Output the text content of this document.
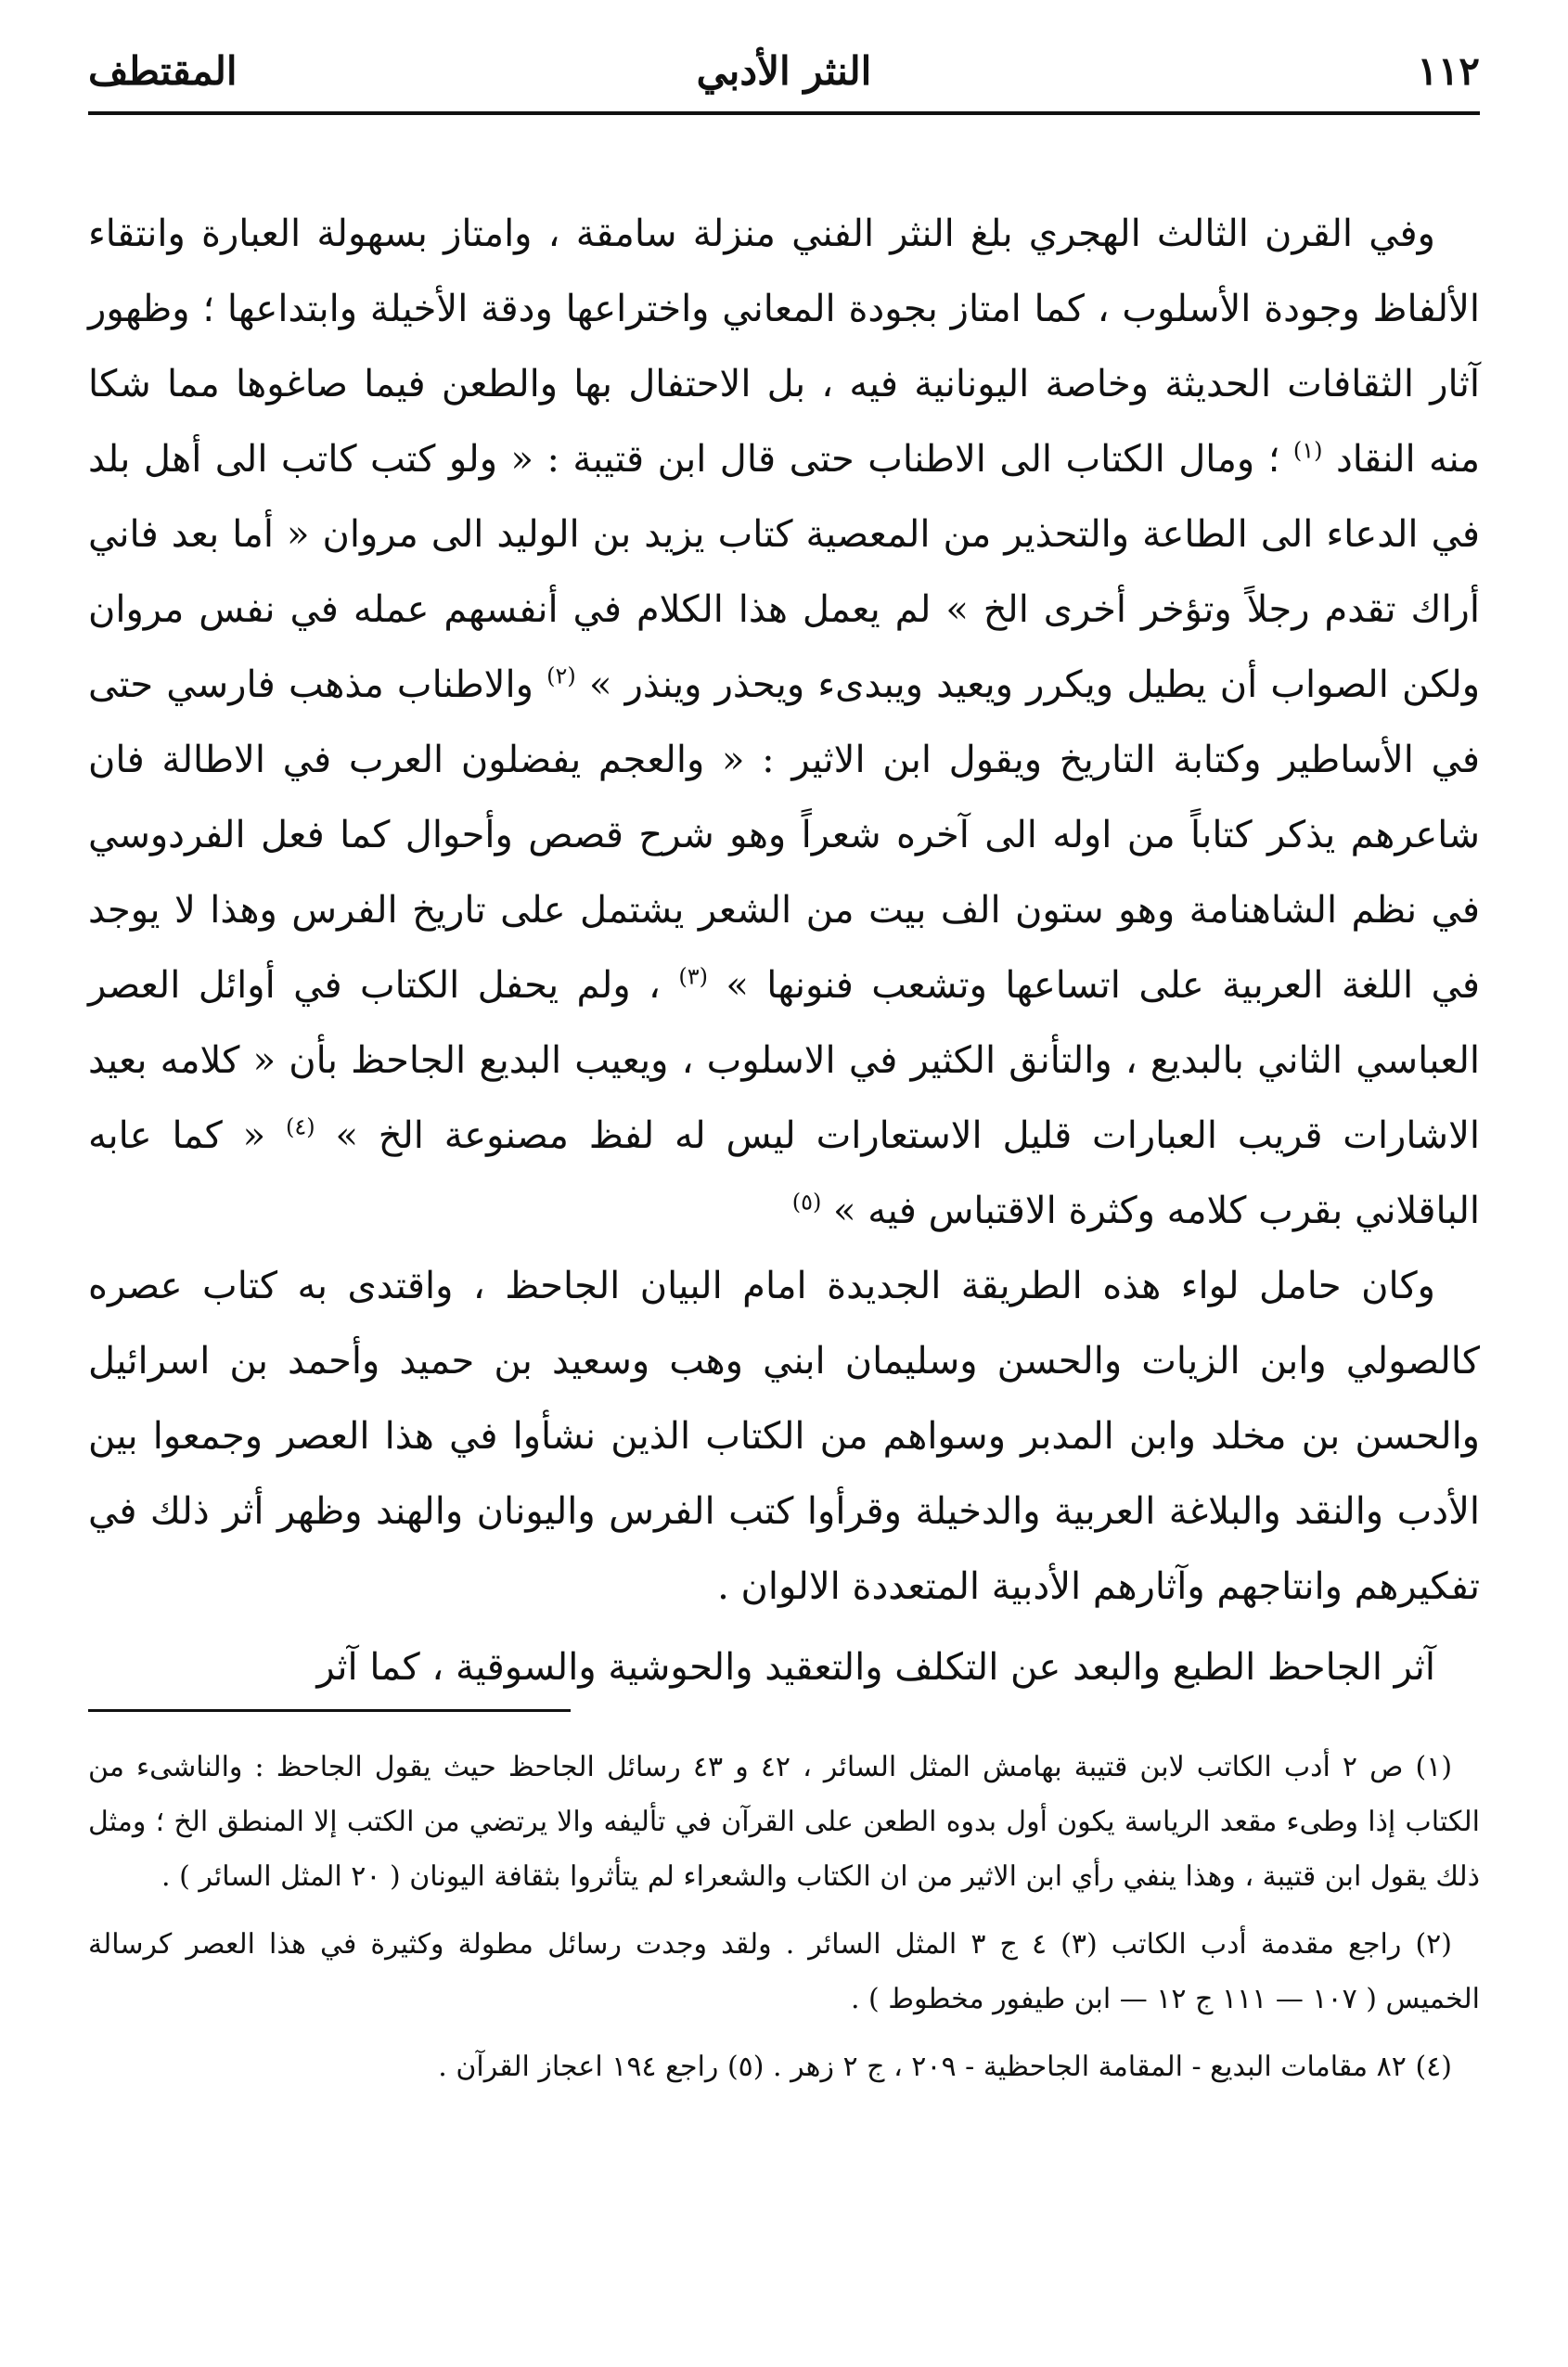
١١٢
النثر الأدبي
المقتطف

وفي القرن الثالث الهجري بلغ النثر الفني منزلة سامقة ، وامتاز بسهولة العبارة وانتقاء الألفاظ وجودة الأسلوب ، كما امتاز بجودة المعاني واختراعها ودقة الأخيلة وابتداعها ؛ وظهور آثار الثقافات الحديثة وخاصة اليونانية فيه ، بل الاحتفال بها والطعن فيما صاغوها مما شكا منه النقاد $^{(١)}$ ؛ ومال الكتاب الى الاطناب حتى قال ابن قتيبة : « ولو كتب كاتب الى أهل بلد في الدعاء الى الطاعة والتحذير من المعصية كتاب يزيد بن الوليد الى مروان « أما بعد فاني أراك تقدم رجلاً وتؤخر أخرى الخ » لم يعمل هذا الكلام في أنفسهم عمله في نفس مروان ولكن الصواب أن يطيل ويكرر ويعيد ويبدىء ويحذر وينذر » $^{(٢)}$ والاطناب مذهب فارسي حتى في الأساطير وكتابة التاريخ ويقول ابن الاثير : « والعجم يفضلون العرب في الاطالة فان شاعرهم يذكر كتاباً من اوله الى آخره شعراً وهو شرح قصص وأحوال كما فعل الفردوسي في نظم الشاهنامة وهو ستون الف بيت من الشعر يشتمل على تاريخ الفرس وهذا لا يوجد في اللغة العربية على اتساعها وتشعب فنونها » $^{(٣)}$ ، ولم يحفل الكتاب في أوائل العصر العباسي الثاني بالبديع ، والتأنق الكثير في الاسلوب ، ويعيب البديع الجاحظ بأن « كلامه بعيد الاشارات قريب العبارات قليل الاستعارات ليس له لفظ مصنوعة الخ » $^{(٤)}$ « كما عابه الباقلاني بقرب كلامه وكثرة الاقتباس فيه » $^{(٥)}$

وكان حامل لواء هذه الطريقة الجديدة امام البيان الجاحظ ، واقتدى به كتاب عصره كالصولي وابن الزيات والحسن وسليمان ابني وهب وسعيد بن حميد وأحمد بن اسرائيل والحسن بن مخلد وابن المدبر وسواهم من الكتاب الذين نشأوا في هذا العصر وجمعوا بين الأدب والنقد والبلاغة العربية والدخيلة وقرأوا كتب الفرس واليونان والهند وظهر أثر ذلك في تفكيرهم وانتاجهم وآثارهم الأدبية المتعددة الالوان .

آثر الجاحظ الطبع والبعد عن التكلف والتعقيد والحوشية والسوقية ، كما آثر

(١) ص ٢ أدب الكاتب لابن قتيبة بهامش المثل السائر ، ٤٢ و ٤٣ رسائل الجاحظ حيث يقول الجاحظ : والناشىء من الكتاب إذا وطىء مقعد الرياسة يكون أول بدوه الطعن على القرآن في تأليفه والا يرتضي من الكتب إلا المنطق الخ ؛ ومثل ذلك يقول ابن قتيبة ، وهذا ينفي رأي ابن الاثير من ان الكتاب والشعراء لم يتأثروا بثقافة اليونان ( ٢٠ المثل السائر ) .

(٢) راجع مقدمة أدب الكاتب (٣) ٤ ج ٣ المثل السائر . ولقد وجدت رسائل مطولة وكثيرة في هذا العصر كرسالة الخميس ( ١٠٧ — ١١١ ج ١٢ — ابن طيفور مخطوط ) .

(٤) ٨٢ مقامات البديع - المقامة الجاحظية - ٢٠٩ ، ج ٢ زهر . (٥) راجع ١٩٤ اعجاز القرآن .
